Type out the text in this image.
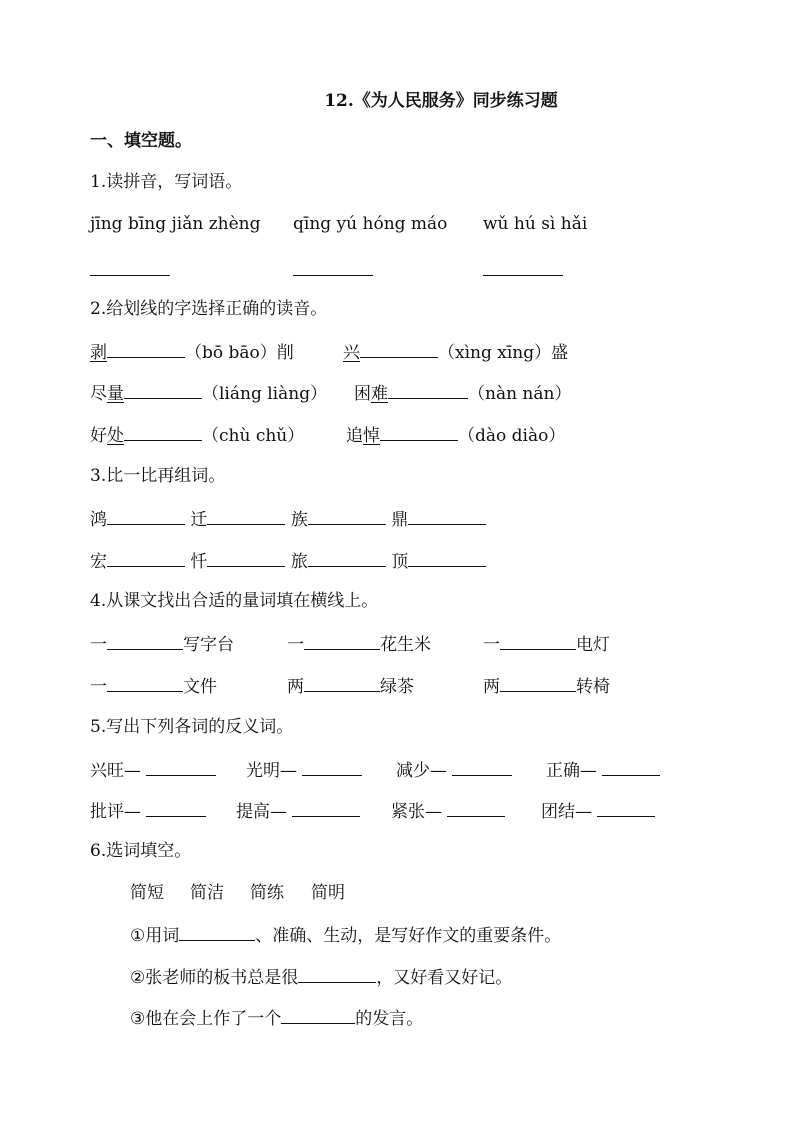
12.《为人民服务》同步练习题
一、填空题。
1.读拼音，写词语。
jīng bīng jiǎn zhèng qīng yú hóng máo wǔ hú sì hǎi
2.给划线的字选择正确的读音。
剥	（bō bāo）削	兴	（xìng xīng）盛
尽量	（liáng liàng） 困难	（nàn nán）
好处	（chù chǔ） 追悼	（dào diào）
3.比一比再组词。
鸿	迁	族	鼎
宏	忏	旅	顶
4.从课文找出合适的量词填在横线上。
一	写字台	一	花生米	一	电灯
一	文件	两	绿茶	两	转椅
5.写出下列各词的反义词。
兴旺—	光明—	减少—	正确—
批评—	提高—	紧张—	团结—
6.选词填空。
简短 简洁 简练 简明
①用词	、准确、生动，是写好作文的重要条件。
②张老师的板书总是很	，又好看又好记。
③他在会上作了一个	的发言。
